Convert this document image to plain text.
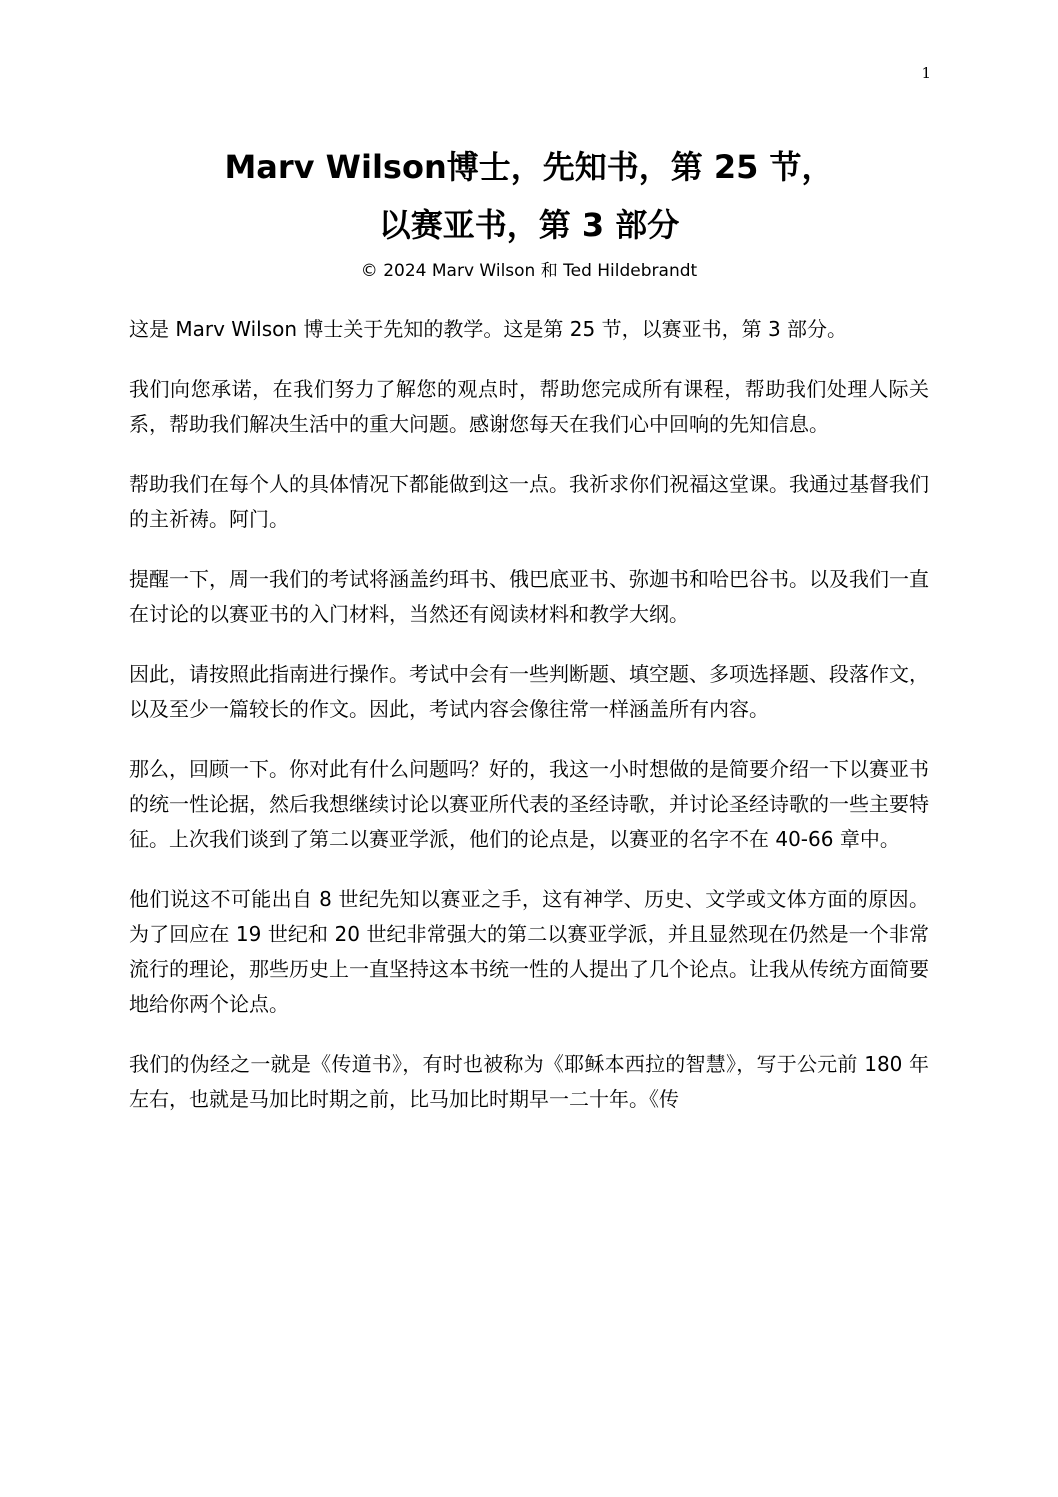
1
Marv Wilson博士，先知书，第 25 节，
以赛亚书，第 3 部分
© 2024 Marv Wilson 和 Ted Hildebrandt

这是 Marv Wilson 博士关于先知的教学。这是第 25 节，以赛亚书，第 3 部分。

我们向您承诺，在我们努力了解您的观点时，帮助您完成所有课程，帮助我们处理人际关系，帮助我们解决生活中的重大问题。感谢您每天在我们心中回响的先知信息。

帮助我们在每个人的具体情况下都能做到这一点。我祈求你们祝福这堂课。我通过基督我们的主祈祷。阿门。

提醒一下，周一我们的考试将涵盖约珥书、俄巴底亚书、弥迦书和哈巴谷书。以及我们一直在讨论的以赛亚书的入门材料，当然还有阅读材料和教学大纲。

因此，请按照此指南进行操作。考试中会有一些判断题、填空题、多项选择题、段落作文，以及至少一篇较长的作文。因此，考试内容会像往常一样涵盖所有内容。

那么，回顾一下。你对此有什么问题吗？好的，我这一小时想做的是简要介绍一下以赛亚书的统一性论据，然后我想继续讨论以赛亚所代表的圣经诗歌，并讨论圣经诗歌的一些主要特征。上次我们谈到了第二以赛亚学派，他们的论点是，以赛亚的名字不在 40-66 章中。

他们说这不可能出自 8 世纪先知以赛亚之手，这有神学、历史、文学或文体方面的原因。为了回应在 19 世纪和 20 世纪非常强大的第二以赛亚学派，并且显然现在仍然是一个非常流行的理论，那些历史上一直坚持这本书统一性的人提出了几个论点。让我从传统方面简要地给你两个论点。

我们的伪经之一就是《传道书》，有时也被称为《耶稣本西拉的智慧》，写于公元前 180 年左右，也就是马加比时期之前，比马加比时期早一二十年。《传
